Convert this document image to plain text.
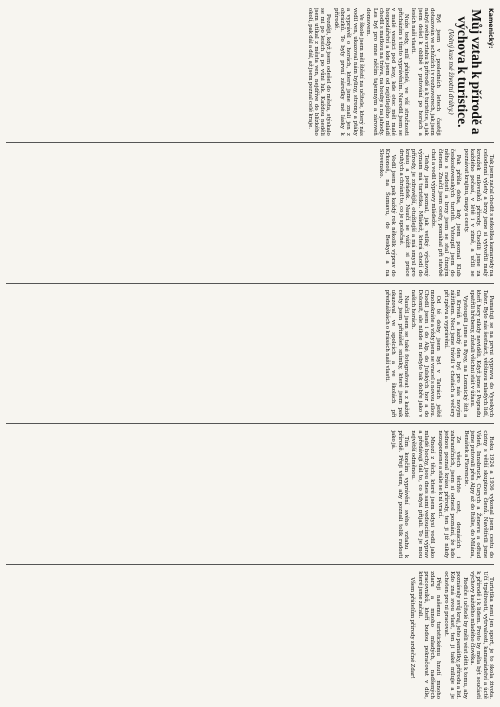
Kamenický:
Můj vztah k přírodě a výchova k turistice.
(Volný kus mé životní dráhy.)

Byl jsem v posledních letech častěji dotazován ve schůzích i v rozhovorech, jak jsem nabyl svého vztahu k přírodě a k turistice, a jak jsem došel k oblibě v putování po horách a lesích naší vlasti.

Nuže tedy, milí přátelé, ve vší stručnosti přicházím s tímto vyprávěním. Narodil jsem se v malé vesnici pod lesy, kde otec měl malé hospodářství a kde jsem od nejútlejšího mládí chodil s matkou na trávu, na houby a na jahody. Les byl pro mne něčím tajemným a zároveň domovem.

Ve škole jsem měl štěstí na učitele, který nás vodil ven, ukazoval nám byliny, stromy a ptáky a vyprávěl o horách, které jsme znali jen z obrázků. To byly první zárodky mé lásky k přírodě.

Později, když jsem odešel do města, stýskalo se mi po lesích a po vůni luk. Každou neděli jsem utíkal z města ven, nejdříve do blízkého okolí, pak dál a dál, až jsem poznal celé kraje.

Tak jsem začal chodit s několika kamarády na celodenní výlety a brzy jsme si vytvořili malý kroužek milovníků přírody. Chodili jsme za každého počasí, v létě i v zimě, a učili se poznávat krajinu, mapy a cesty.

Pak přišla doba, kdy jsem poznal Klub československých turistů. Vstoupil jsem do něho s radostí a brzy jsem se stal činným členem. Značil jsem cesty, pomáhal při stavbě chat a vodil výpravy mládeže.

Tehdy jsem poznal, jak veliký výchovný význam má turistika. Mládež, která chodí do přírody, je zdravější, otužilejší a má smysl pro krásu a pořádek. Naučí se vážit si práce druhých a chránit to, co je společné.

Vodil jsem pak každý rok několik výprav do Krkonoš, na Šumavu, do Beskyd a na Slovensko.

Pamatuji se na první výpravu do Vysokých Tater. Bylo nás šestnáct, většinou mladých lidí, kteří hory nikdy neviděli. Když jsme z Popradu spatřili hřebeny, zůstali všichni stát v úžasu.

Vystoupili jsme na Rysy, na Lomnický štít a na Kriváň a každý den byl pro nás novým zážitkem. Noci jsme trávili v chatách a večery při zpěvu a vyprávění.

Od té doby jsem byl v Tatrách ještě mnohokráte a vždy jsem se vracel s novou silou. Chodil jsem i do Alp, do Julských hor a do Dolomit, ale nikde mi nebylo tak dobře jako v našich horách.

Naučil jsem se také fotografovat a z každé cesty jsem přinášel snímky, které jsem pak ukazoval ve spolcích a ve školách při přednáškách o krásách naší vlasti.

Roku 1924 a 1936 vykonal jsem cestu do ciziny s větší skupinou členů. Navštívili jsme Vídeň, Innsbruck, Curych a Ženevu a odtud jsme putovali přes Alpy až do Itálie, do Milána, Benátek a Florencie.

Ze všech těchto cest, domácích i zahraničních, jsem si odnesl poznání, že kdo jednou poznal krásu přírody, ten ji již nikdy nezapomene a stále se k ní vrací.

Mnozí z těch, které jsem kdysi vodil jako mladé hochy, jsou dnes sami vedoucími výprav a předávají dál to, co kdysi přijali. To je mou největší odměnou.

Tím končím vyprávění svého vztahu k přírodě. Přeji všem, aby poznali tolik radosti jako já.

Turistika není jen sport, je to škola života. Učí trpělivosti, vytrvalosti, kamarádství a úctě k přírodě i k lidem. Proto by měla být součástí výchovy každého mladého člověka.

Rodiče i učitelé by měli vést děti k tomu, aby poznávaly svůj kraj, jeho památky, přírodu a lid. Kdo zná svou vlast, ten ji také miluje a je ochoten pro ni pracovat.

Přeji našemu turistickému hnutí mnoho zdaru a mnoho mladých, nadšených pracovníků, kteří budou pokračovat v díle, které jsme začali.

Všem přátelům přírody srdečné Zdar!
